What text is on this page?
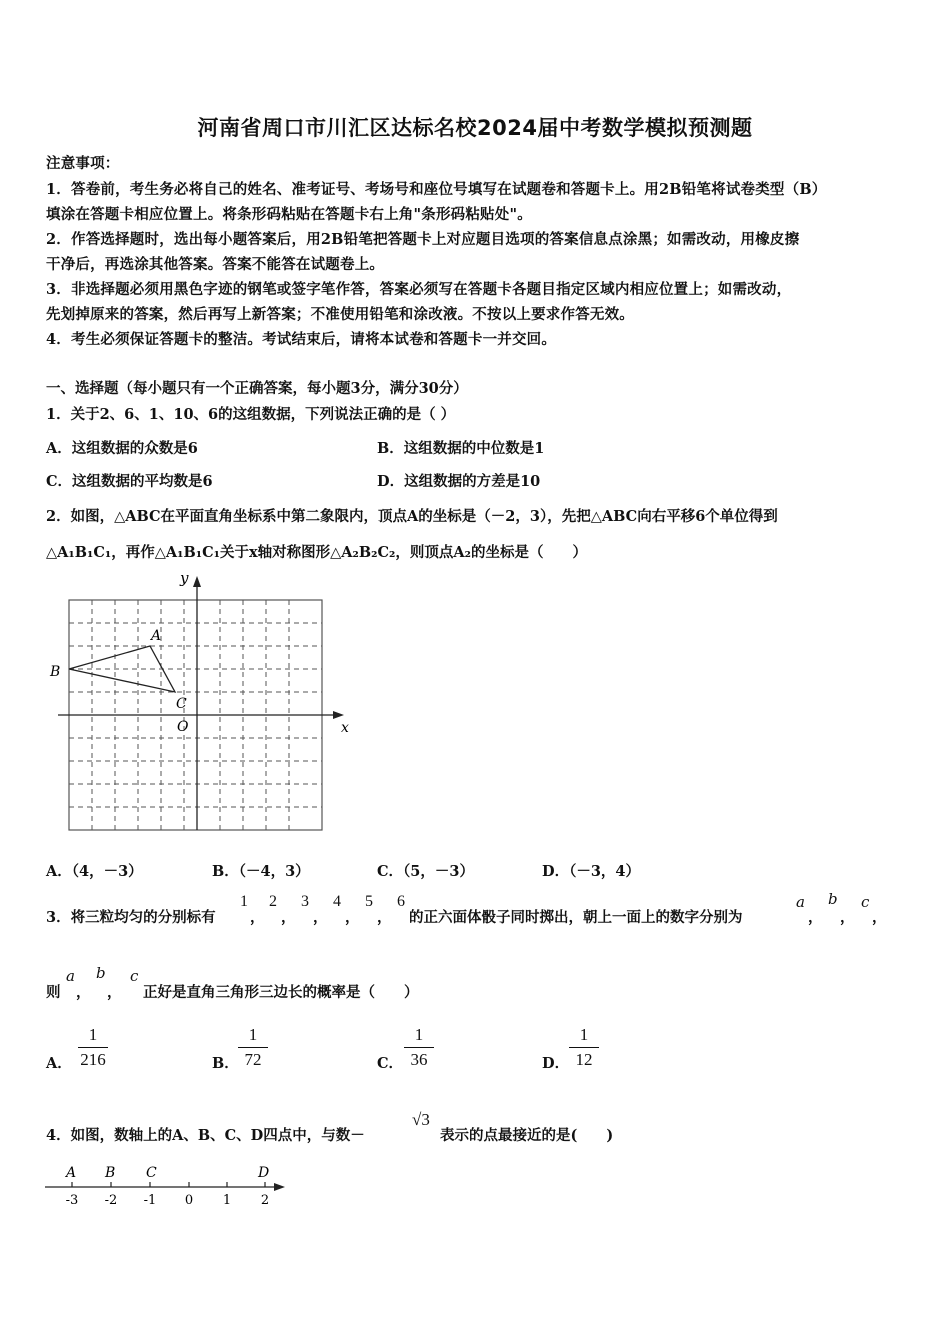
河南省周口市川汇区达标名校2024届中考数学模拟预测题
注意事项：
1．答卷前，考生务必将自己的姓名、准考证号、考场号和座位号填写在试题卷和答题卡上。用2B铅笔将试卷类型（B）
填涂在答题卡相应位置上。将条形码粘贴在答题卡右上角"条形码粘贴处"。
2．作答选择题时，选出每小题答案后，用2B铅笔把答题卡上对应题目选项的答案信息点涂黑；如需改动，用橡皮擦
干净后，再选涂其他答案。答案不能答在试题卷上。
3．非选择题必须用黑色字迹的钢笔或签字笔作答，答案必须写在答题卡各题目指定区域内相应位置上；如需改动，
先划掉原来的答案，然后再写上新答案；不准使用铅笔和涂改液。不按以上要求作答无效。
4．考生必须保证答题卡的整洁。考试结束后，请将本试卷和答题卡一并交回。
一、选择题（每小题只有一个正确答案，每小题3分，满分30分）
1．关于2、6、1、10、6的这组数据，下列说法正确的是（ ）
A．这组数据的众数是6	B．这组数据的中位数是1
C．这组数据的平均数是6	D．这组数据的方差是10
2．如图，△ABC在平面直角坐标系中第二象限内，顶点A的坐标是（－2，3），先把△ABC向右平移6个单位得到
△A₁B₁C₁，再作△A₁B₁C₁关于x轴对称图形△A₂B₂C₂，则顶点A₂的坐标是（　　）
y
x
O
A
B
C
A．（4，－3）	B．（－4，3）	C．（5，－3）	D．（－3，4）
3．将三粒均匀的分别标有
1
，
2
，
3
，
4
，
5
，
6
的正六面体骰子同时掷出，朝上一面上的数字分别为
a
，
b
，
c
，
则
a
，
b
，
c
正好是直角三角形三边长的概率是（　　）
A．
1
216	B．
1
72	C．
1
36	D．
1
12
4．如图，数轴上的A、B、C、D四点中，与数－
√3
表示的点最接近的是(　　)
A B C	D
-3 -2 -1 0 1 2
